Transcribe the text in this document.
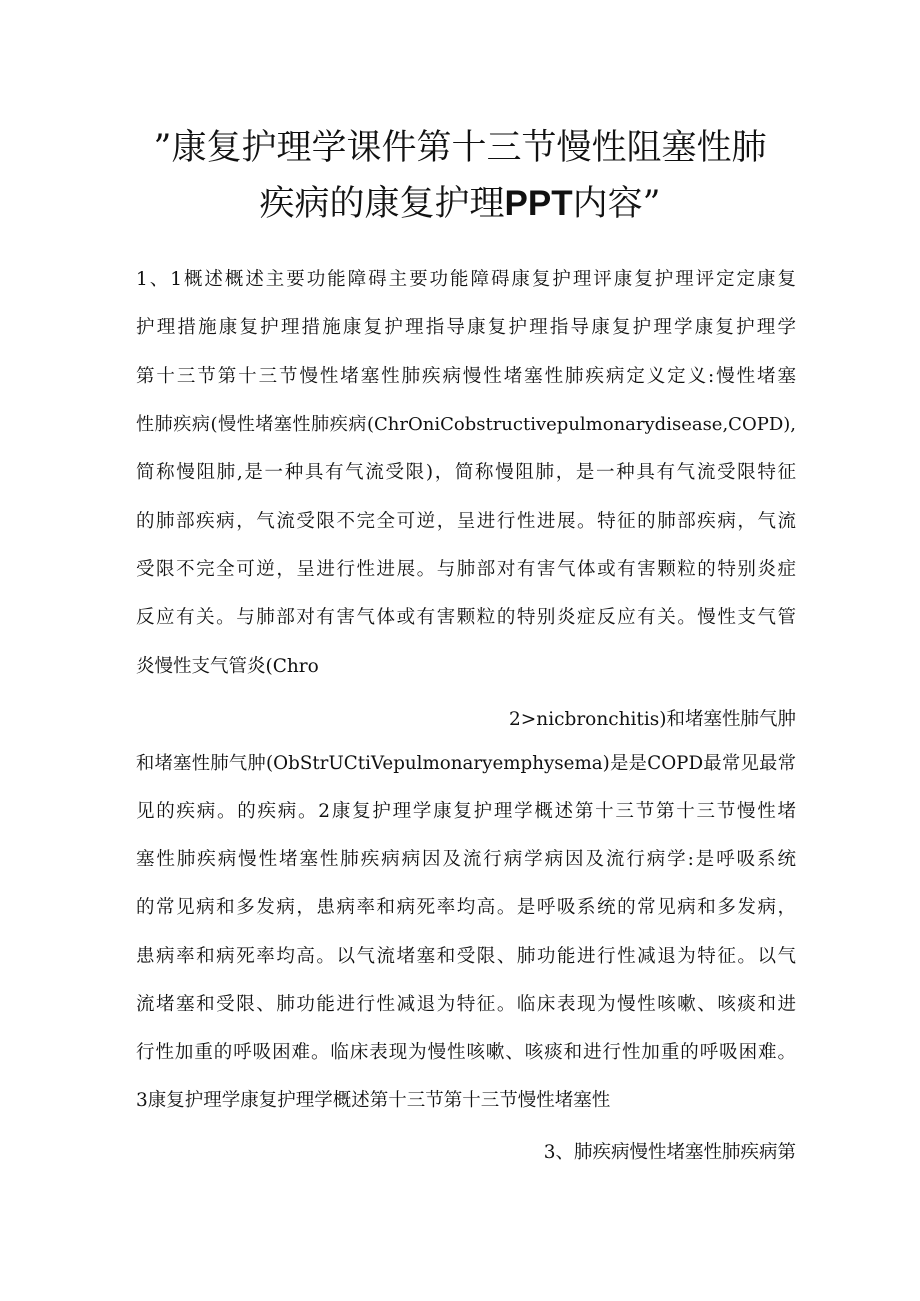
”康复护理学课件第十三节慢性阻塞性肺
疾病的康复护理PPT内容”

1、1概述概述主要功能障碍主要功能障碍康复护理评康复护理评定定康复

护理措施康复护理措施康复护理指导康复护理指导康复护理学康复护理学

第十三节第十三节慢性堵塞性肺疾病慢性堵塞性肺疾病定义定义:慢性堵塞

性肺疾病(慢性堵塞性肺疾病(ChrOniCobstructivepulmonarydisease,COPD),

简称慢阻肺,是一种具有气流受限)，简称慢阻肺，是一种具有气流受限特征

的肺部疾病，气流受限不完全可逆，呈进行性进展。特征的肺部疾病，气流

受限不完全可逆，呈进行性进展。与肺部对有害气体或有害颗粒的特别炎症

反应有关。与肺部对有害气体或有害颗粒的特别炎症反应有关。慢性支气管

炎慢性支气管炎(Chro

2>nicbronchitis)和堵塞性肺气肿

和堵塞性肺气肿(ObStrUCtiVepulmonaryemphysema)是是COPD最常见最常

见的疾病。的疾病。2康复护理学康复护理学概述第十三节第十三节慢性堵

塞性肺疾病慢性堵塞性肺疾病病因及流行病学病因及流行病学:是呼吸系统

的常见病和多发病，患病率和病死率均高。是呼吸系统的常见病和多发病，

患病率和病死率均高。以气流堵塞和受限、肺功能进行性减退为特征。以气

流堵塞和受限、肺功能进行性减退为特征。临床表现为慢性咳嗽、咳痰和进

行性加重的呼吸困难。临床表现为慢性咳嗽、咳痰和进行性加重的呼吸困难。

3康复护理学康复护理学概述第十三节第十三节慢性堵塞性

3、肺疾病慢性堵塞性肺疾病第
